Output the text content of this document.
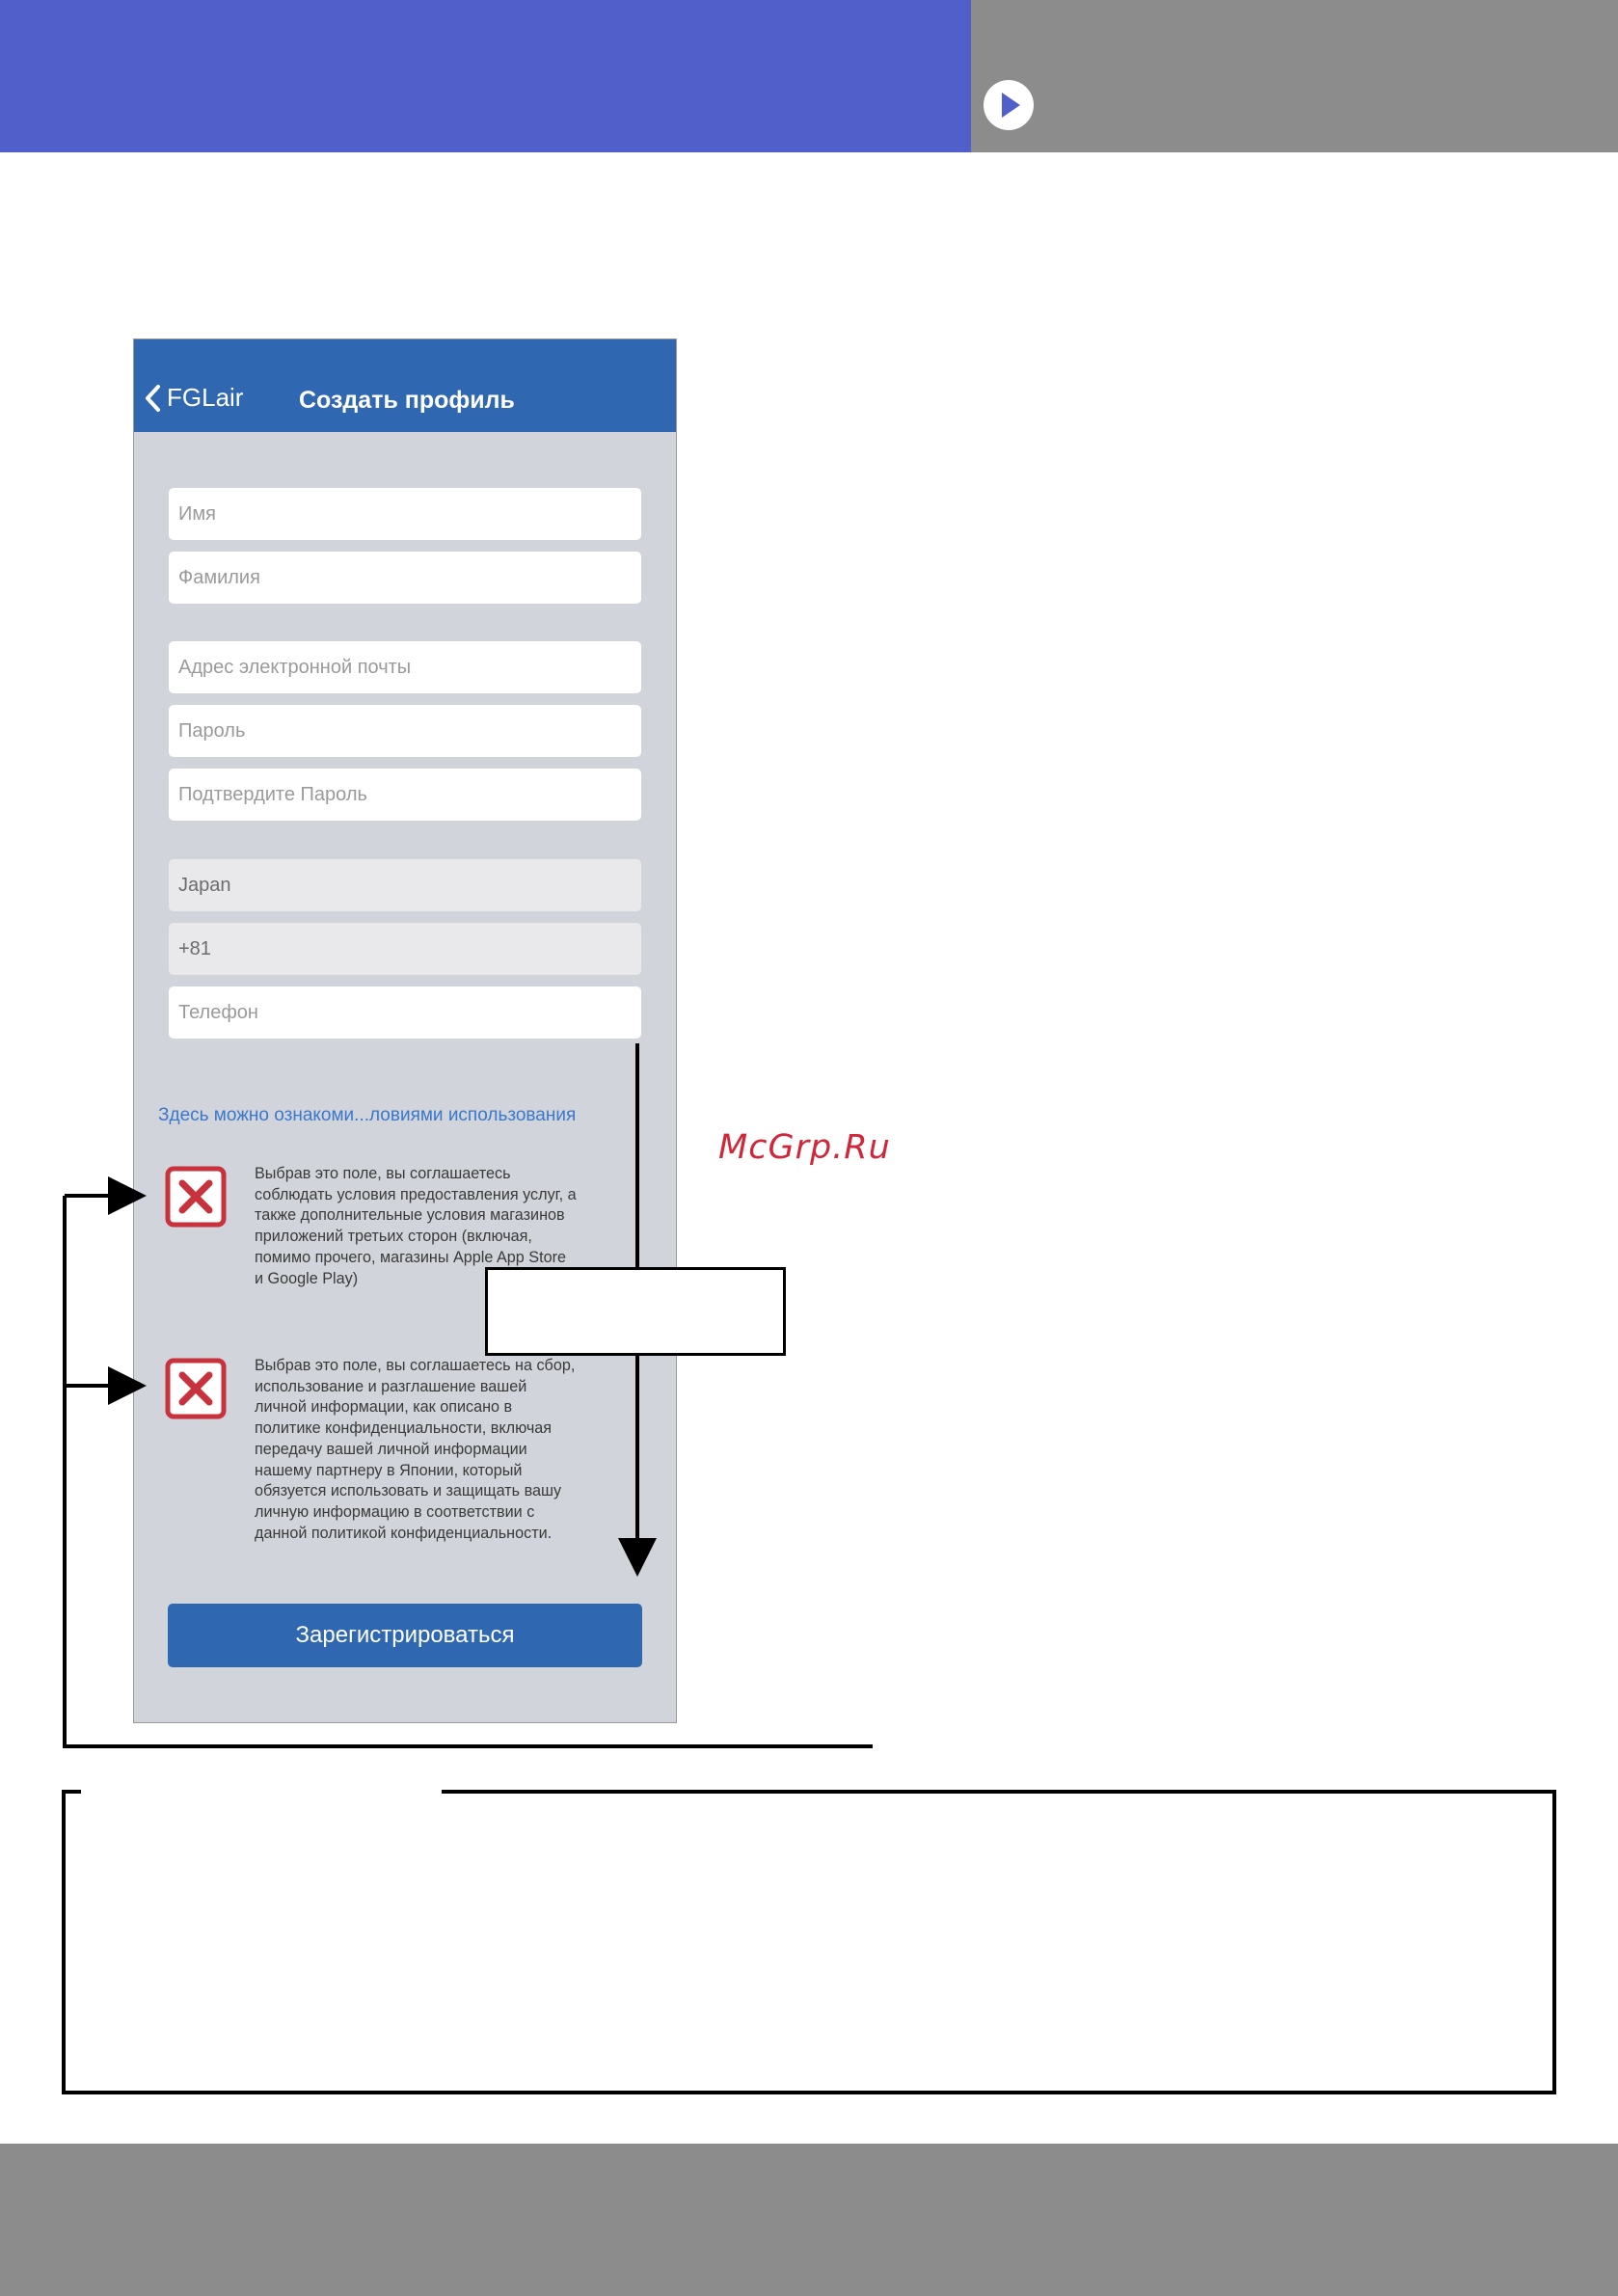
FGLair Создать профиль
Имя
Фамилия
Адрес электронной почты
Пароль
Подтвердите Пароль
Japan
+81
Телефон
Здесь можно ознакоми...ловиями использования
Выбрав это поле, вы соглашаетесь
соблюдать условия предоставления услуг, а
также дополнительные условия магазинов
приложений третьих сторон (включая,
помимо прочего, магазины Apple App Store
и Google Play)
Выбрав это поле, вы соглашаетесь на сбор,
использование и разглашение вашей
личной информации, как описано в
политике конфиденциальности, включая
передачу вашей личной информации
нашему партнеру в Японии, который
обязуется использовать и защищать вашу
личную информацию в соответствии с
данной политикой конфиденциальности.
Зарегистрироваться
McGrp.Ru
